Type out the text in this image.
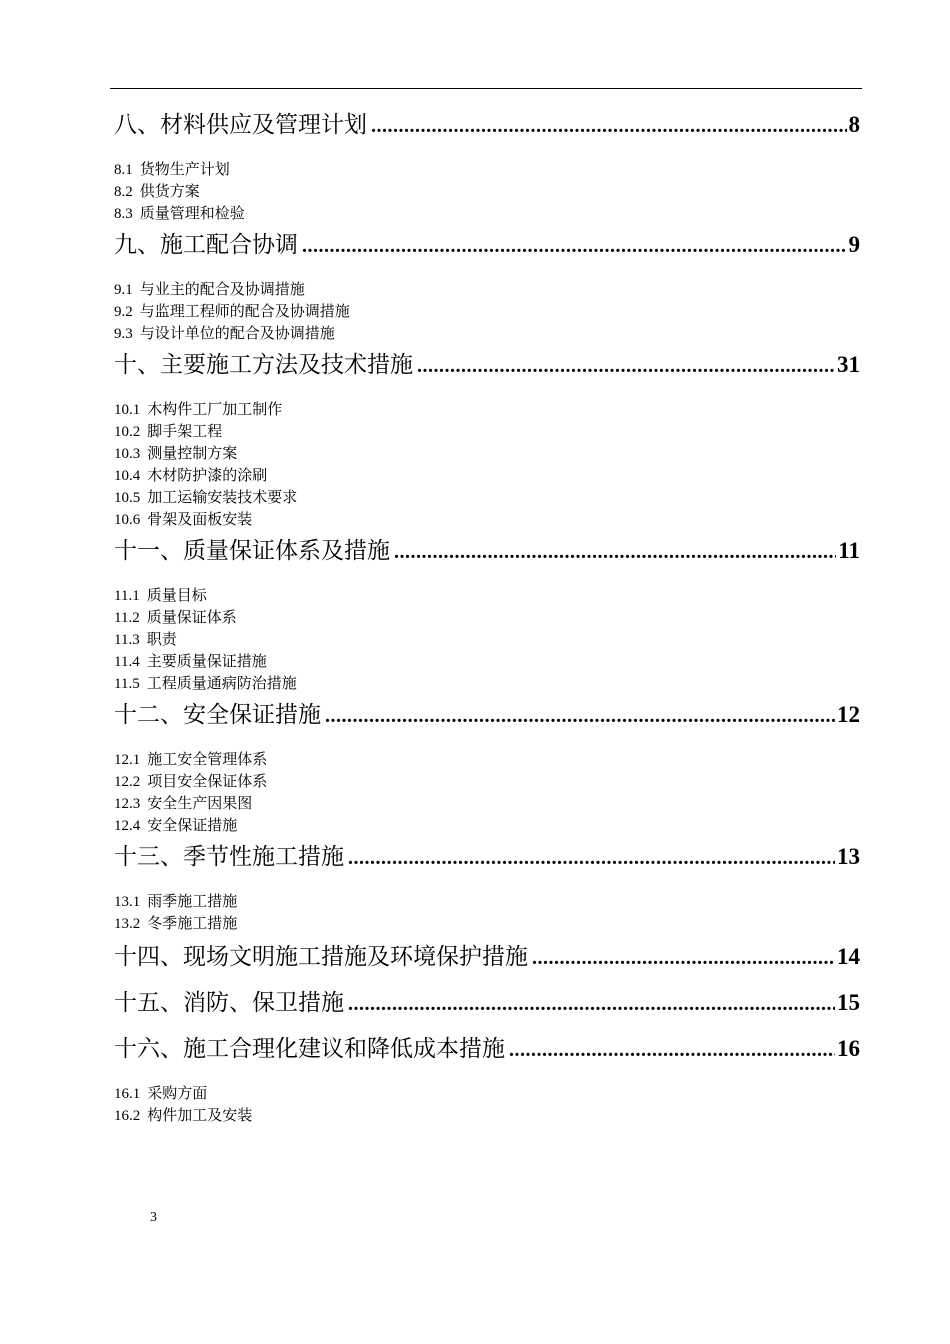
八、材料供应及管理计划 .....	8
8.1 货物生产计划
8.2 供货方案
8.3 质量管理和检验
九、施工配合协调 .....	9
9.1 与业主的配合及协调措施
9.2 与监理工程师的配合及协调措施
9.3 与设计单位的配合及协调措施
十、主要施工方法及技术措施 .....	31
10.1 木构件工厂加工制作
10.2 脚手架工程
10.3 测量控制方案
10.4 木材防护漆的涂刷
10.5 加工运输安装技术要求
10.6 骨架及面板安装
十一、质量保证体系及措施 .....	11
11.1 质量目标
11.2 质量保证体系
11.3 职责
11.4 主要质量保证措施
11.5 工程质量通病防治措施
十二、安全保证措施 .....	12
12.1 施工安全管理体系
12.2 项目安全保证体系
12.3 安全生产因果图
12.4 安全保证措施
十三、季节性施工措施 .....	13
13.1 雨季施工措施
13.2 冬季施工措施
十四、现场文明施工措施及环境保护措施 .....	14
十五、消防、保卫措施 .....	15
十六、施工合理化建议和降低成本措施 .....	16
16.1 采购方面
16.2 构件加工及安装
3
